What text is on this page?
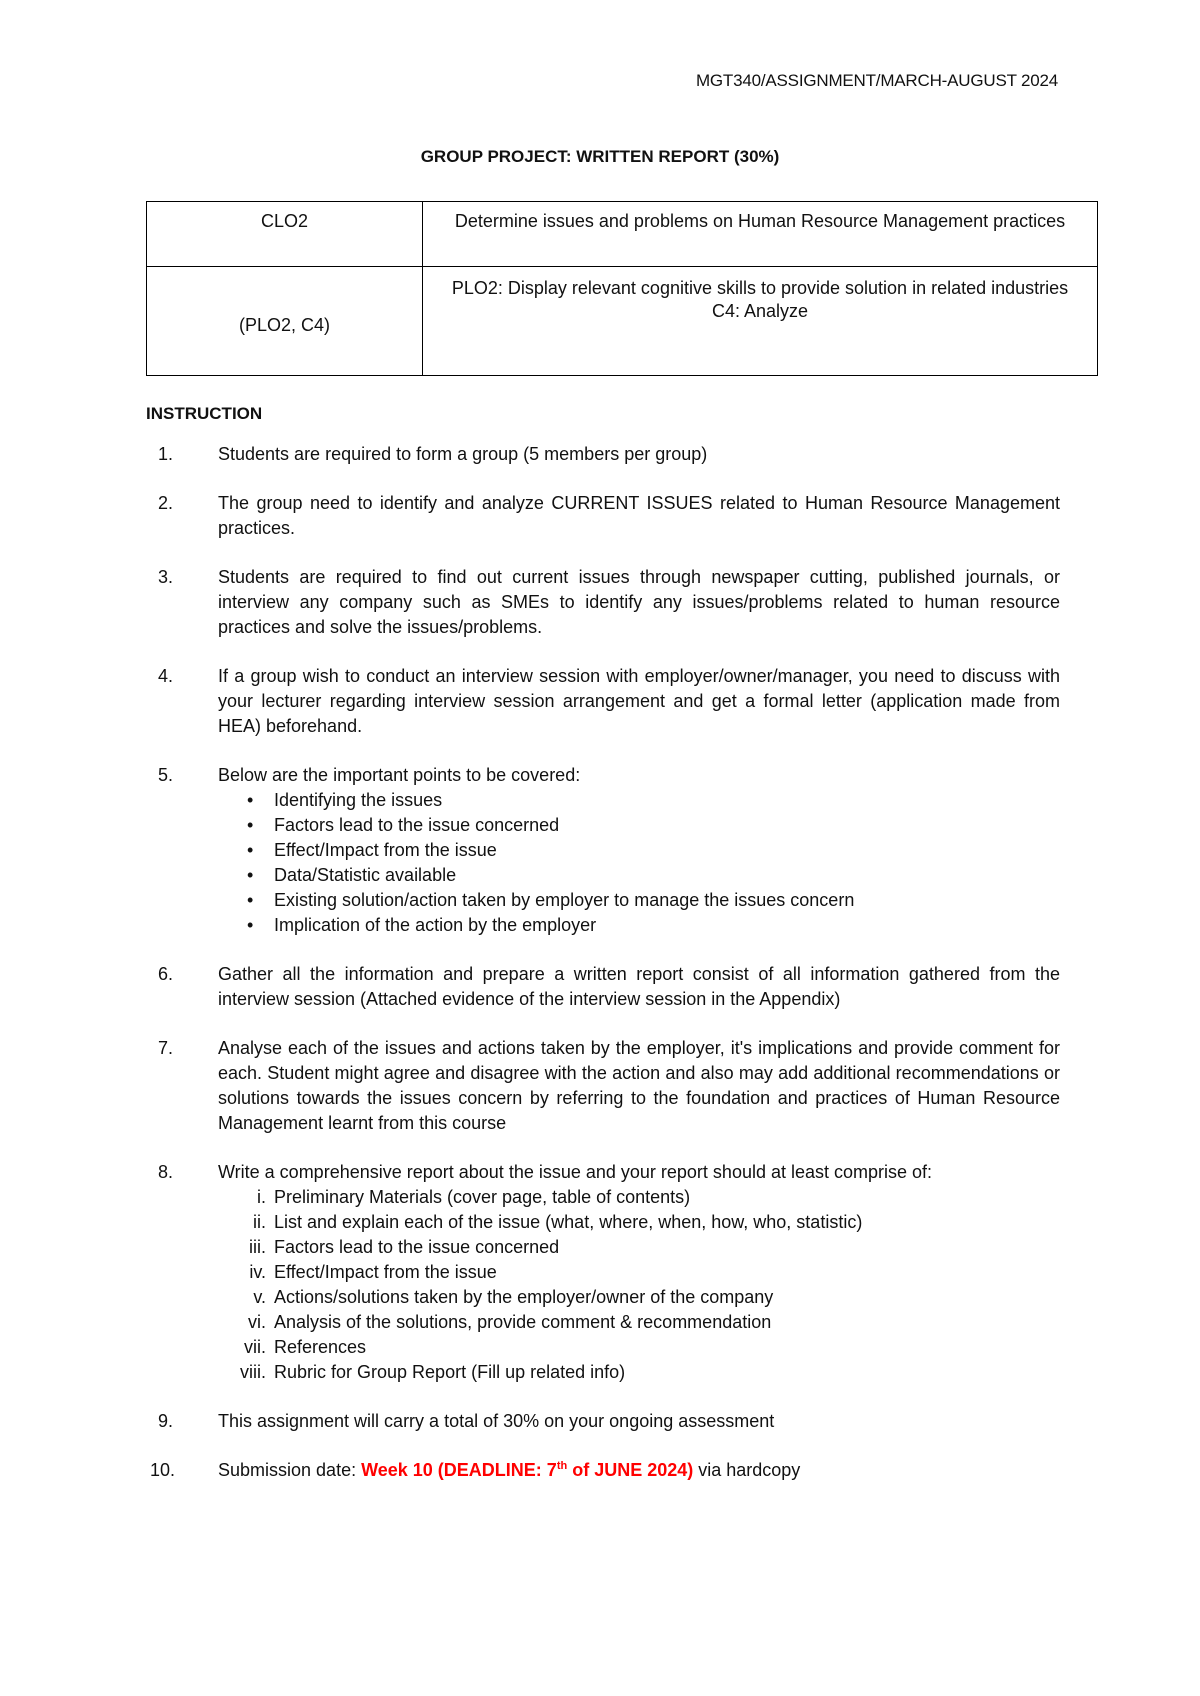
MGT340/ASSIGNMENT/MARCH-AUGUST 2024
GROUP PROJECT: WRITTEN REPORT (30%)
CLO2	Determine issues and problems on Human Resource Management practices
(PLO2, C4)	PLO2: Display relevant cognitive skills to provide solution in related industries
C4: Analyze
INSTRUCTION
1.	Students are required to form a group (5 members per group)

2.	The group need to identify and analyze CURRENT ISSUES related to Human Resource Management practices.

3.	Students are required to find out current issues through newspaper cutting, published journals, or interview any company such as SMEs to identify any issues/problems related to human resource practices and solve the issues/problems.

4.	If a group wish to conduct an interview session with employer/owner/manager, you need to discuss with your lecturer regarding interview session arrangement and get a formal letter (application made from HEA) beforehand.

5.	Below are the important points to be covered:

• Identifying the issues
• Factors lead to the issue concerned
• Effect/Impact from the issue
• Data/Statistic available
• Existing solution/action taken by employer to manage the issues concern
• Implication of the action by the employer
6.	Gather all the information and prepare a written report consist of all information gathered from the interview session (Attached evidence of the interview session in the Appendix)

7.	Analyse each of the issues and actions taken by the employer, it's implications and provide comment for each. Student might agree and disagree with the action and also may add additional recommendations or solutions towards the issues concern by referring to the foundation and practices of Human Resource Management learnt from this course

8.	Write a comprehensive report about the issue and your report should at least comprise of:

i. Preliminary Materials (cover page, table of contents)
ii. List and explain each of the issue (what, where, when, how, who, statistic)
iii. Factors lead to the issue concerned
iv. Effect/Impact from the issue
v. Actions/solutions taken by the employer/owner of the company
vi. Analysis of the solutions, provide comment & recommendation
vii. References
viii. Rubric for Group Report (Fill up related info)
9.	This assignment will carry a total of 30% on your ongoing assessment

10. Submission date: Week 10 (DEADLINE: 7th of JUNE 2024) via hardcopy
